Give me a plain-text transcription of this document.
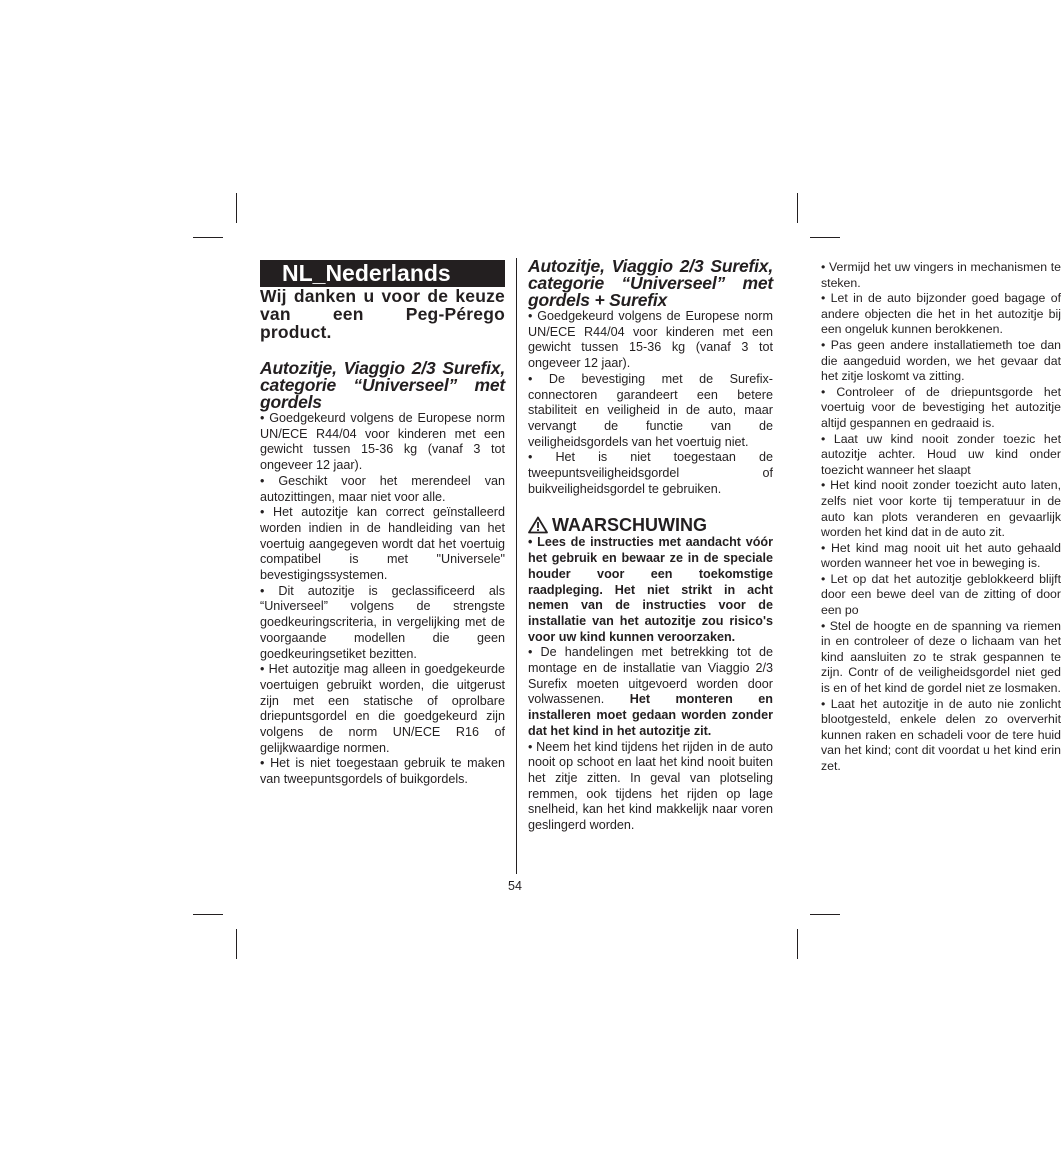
NL_Nederlands

Wij danken u voor de keuze van een Peg-Pérego product.

Autozitje, Viaggio 2/3 Surefix, categorie “Universeel” met gordels

• Goedgekeurd volgens de Europese norm UN/ECE R44/04 voor kinderen met een gewicht tussen 15-36 kg (vanaf 3 tot ongeveer 12 jaar).

• Geschikt voor het merendeel van autozittingen, maar niet voor alle.

• Het autozitje kan correct geïnstalleerd worden indien in de handleiding van het voertuig aangegeven wordt dat het voertuig compatibel is met "Universele" bevestigingssystemen.

• Dit autozitje is geclassificeerd als “Universeel” volgens de strengste goedkeuringscriteria, in vergelijking met de voorgaande modellen die geen goedkeuringsetiket bezitten.

• Het autozitje mag alleen in goedgekeurde voertuigen gebruikt worden, die uitgerust zijn met een statische of oprolbare driepuntsgordel en die goedgekeurd zijn volgens de norm UN/ECE R16 of gelijkwaardige normen.

• Het is niet toegestaan gebruik te maken van tweepuntsgordels of buikgordels.

Autozitje, Viaggio 2/3 Surefix, categorie “Universeel” met gordels + Surefix

• Goedgekeurd volgens de Europese norm UN/ECE R44/04 voor kinderen met een gewicht tussen 15-36 kg (vanaf 3 tot ongeveer 12 jaar).

• De bevestiging met de Surefix-connectoren garandeert een betere stabiliteit en veiligheid in de auto, maar vervangt de functie van de veiligheidsgordels van het voertuig niet.

• Het is niet toegestaan de tweepuntsveiligheidsgordel of buikveiligheidsgordel te gebruiken.

WAARSCHUWING

• Lees de instructies met aandacht vóór het gebruik en bewaar ze in de speciale houder voor een toekomstige raadpleging. Het niet strikt in acht nemen van de instructies voor de installatie van het autozitje zou risico's voor uw kind kunnen veroorzaken.

• De handelingen met betrekking tot de montage en de installatie van Viaggio 2/3 Surefix moeten uitgevoerd worden door volwassenen. Het monteren en installeren moet gedaan worden zonder dat het kind in het autozitje zit.

• Neem het kind tijdens het rijden in de auto nooit op schoot en laat het kind nooit buiten het zitje zitten. In geval van plotseling remmen, ook tijdens het rijden op lage snelheid, kan het kind makkelijk naar voren geslingerd worden.

• Vermijd het uw vingers in mechanismen te steken.

• Let in de auto bijzonder goed bagage of andere objecten die het in het autozitje bij een ongeluk kunnen berokkenen.

• Pas geen andere installatiemeth toe dan die aangeduid worden, we het gevaar dat het zitje loskomt va zitting.

• Controleer of de driepuntsgorde het voertuig voor de bevestiging het autozitje altijd gespannen en gedraaid is.

• Laat uw kind nooit zonder toezic het autozitje achter. Houd uw kind onder toezicht wanneer het slaapt

• Het kind nooit zonder toezicht auto laten, zelfs niet voor korte tij temperatuur in de auto kan plots veranderen en gevaarlijk worden het kind dat in de auto zit.

• Het kind mag nooit uit het auto gehaald worden wanneer het voe in beweging is.

• Let op dat het autozitje geblokkeerd blijft door een bewe deel van de zitting of door een po

• Stel de hoogte en de spanning va riemen in en controleer of deze o lichaam van het kind aansluiten zo te strak gespannen te zijn. Contr of de veiligheidsgordel niet ged is en of het kind de gordel niet ze losmaken.

• Laat het autozitje in de auto nie zonlicht blootgesteld, enkele delen zo oververhit kunnen raken en schadeli voor de tere huid van het kind; cont dit voordat u het kind erin zet.

54
